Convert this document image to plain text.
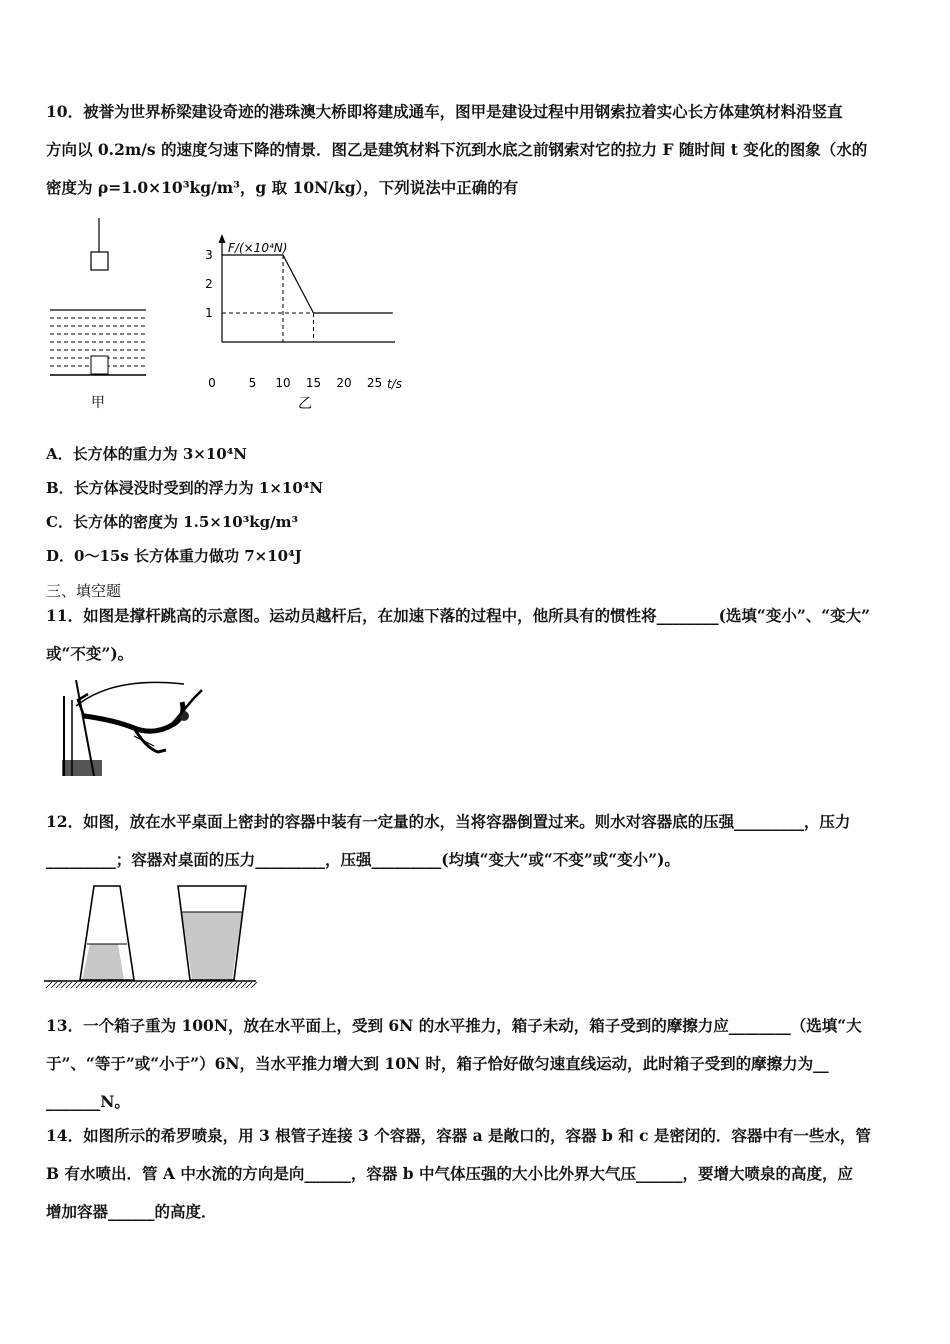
10．被誉为世界桥梁建设奇迹的港珠澳大桥即将建成通车，图甲是建设过程中用钢索拉着实心长方体建筑材料沿竖直
方向以 0.2m/s 的速度匀速下降的情景．图乙是建筑材料下沉到水底之前钢索对它的拉力 F 随时间 t 变化的图象（水的
密度为 ρ=1.0×10³kg/m³，g 取 10N/kg），下列说法中正确的有
甲
F/(×10⁴N)
t/s
0	5 10 15 20 25
1
2
3
乙
A．长方体的重力为 3×10⁴N
B．长方体浸没时受到的浮力为 1×10⁴N
C．长方体的密度为 1.5×10³kg/m³
D．0～15s 长方体重力做功 7×10⁴J
三、填空题
11．如图是撑杆跳高的示意图。运动员越杆后，在加速下落的过程中，他所具有的惯性将________(选填“变小”、“变大”
或“不变”)。
12．如图，放在水平桌面上密封的容器中装有一定量的水，当将容器倒置过来。则水对容器底的压强_________，压力
_________；容器对桌面的压力_________，压强_________(均填“变大”或“不变”或“变小”)。
13．一个箱子重为 100N，放在水平面上，受到 6N 的水平推力，箱子未动，箱子受到的摩擦力应________（选填“大
于”、“等于”或“小于”）6N，当水平推力增大到 10N 时，箱子恰好做匀速直线运动，此时箱子受到的摩擦力为__
_______N。
14．如图所示的希罗喷泉，用 3 根管子连接 3 个容器，容器 a 是敞口的，容器 b 和 c 是密闭的．容器中有一些水，管
B 有水喷出．管 A 中水流的方向是向______，容器 b 中气体压强的大小比外界大气压______，要增大喷泉的高度，应
增加容器______的高度．
